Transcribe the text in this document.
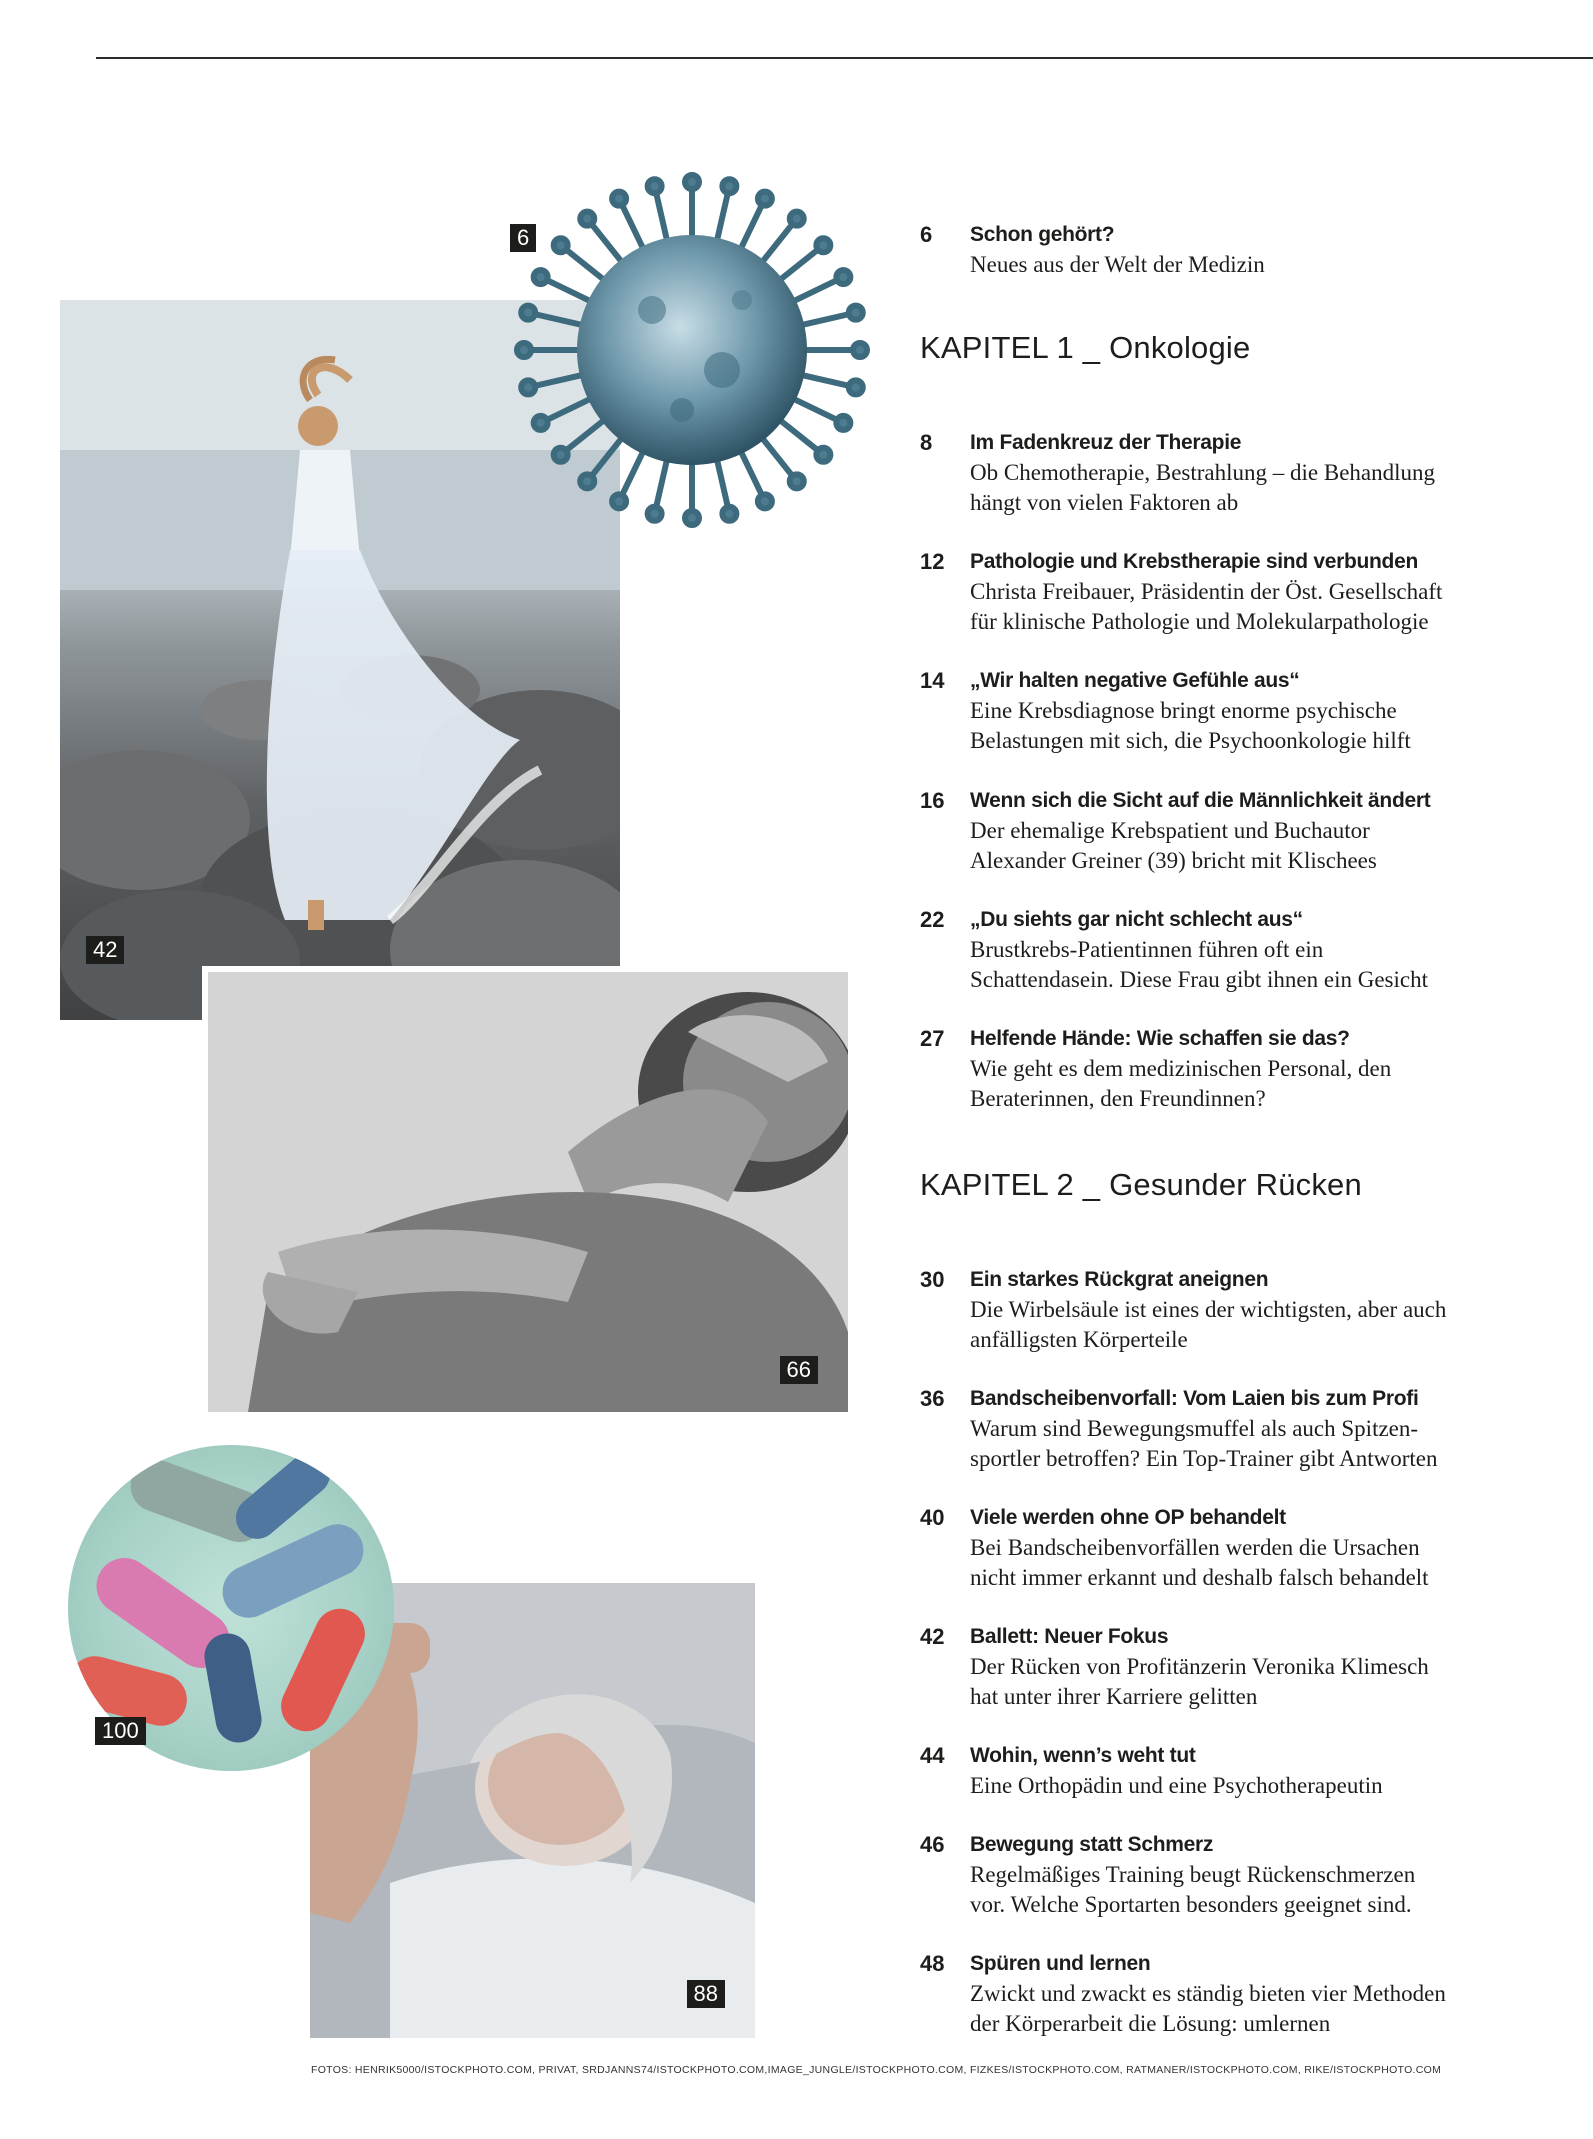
42
6
66
88
100
6	Schon gehört?
Neues aus der Welt der Medizin
KAPITEL 1 _ Onkologie
8	Im Fadenkreuz der Therapie
Ob Chemotherapie, Bestrahlung – die Behandlung
hängt von vielen Faktoren ab
12	Pathologie und Krebstherapie sind verbunden
Christa Freibauer, Präsidentin der Öst. Gesellschaft
für klinische Pathologie und Molekularpathologie
14	„Wir halten negative Gefühle aus“
Eine Krebsdiagnose bringt enorme psychische
Belastungen mit sich, die Psychoonkologie hilft
16	Wenn sich die Sicht auf die Männlichkeit ändert
Der ehemalige Krebspatient und Buchautor
Alexander Greiner (39) bricht mit Klischees
22	„Du siehts gar nicht schlecht aus“
Brustkrebs-Patientinnen führen oft ein
Schattendasein. Diese Frau gibt ihnen ein Gesicht
27	Helfende Hände: Wie schaffen sie das?
Wie geht es dem medizinischen Personal, den
Beraterinnen, den Freundinnen?
KAPITEL 2 _ Gesunder Rücken
30	Ein starkes Rückgrat aneignen
Die Wirbelsäule ist eines der wichtigsten, aber auch
anfälligsten Körperteile
36	Bandscheibenvorfall: Vom Laien bis zum Profi
Warum sind Bewegungsmuffel als auch Spitzen-
sportler betroffen? Ein Top-Trainer gibt Antworten
40	Viele werden ohne OP behandelt
Bei Bandscheibenvorfällen werden die Ursachen
nicht immer erkannt und deshalb falsch behandelt
42	Ballett: Neuer Fokus
Der Rücken von Profitänzerin Veronika Klimesch
hat unter ihrer Karriere gelitten
44	Wohin, wenn’s weht tut
Eine Orthopädin und eine Psychotherapeutin
46	Bewegung statt Schmerz
Regelmäßiges Training beugt Rückenschmerzen
vor. Welche Sportarten besonders geeignet sind.
48	Spüren und lernen
Zwickt und zwackt es ständig bieten vier Methoden
der Körperarbeit die Lösung: umlernen
FOTOS: HENRIK5000/ISTOCKPHOTO.COM, PRIVAT, SRDJANNS74/ISTOCKPHOTO.COM,IMAGE_JUNGLE/ISTOCKPHOTO.COM, FIZKES/ISTOCKPHOTO.COM, RATMANER/ISTOCKPHOTO.COM, RIKE/ISTOCKPHOTO.COM
